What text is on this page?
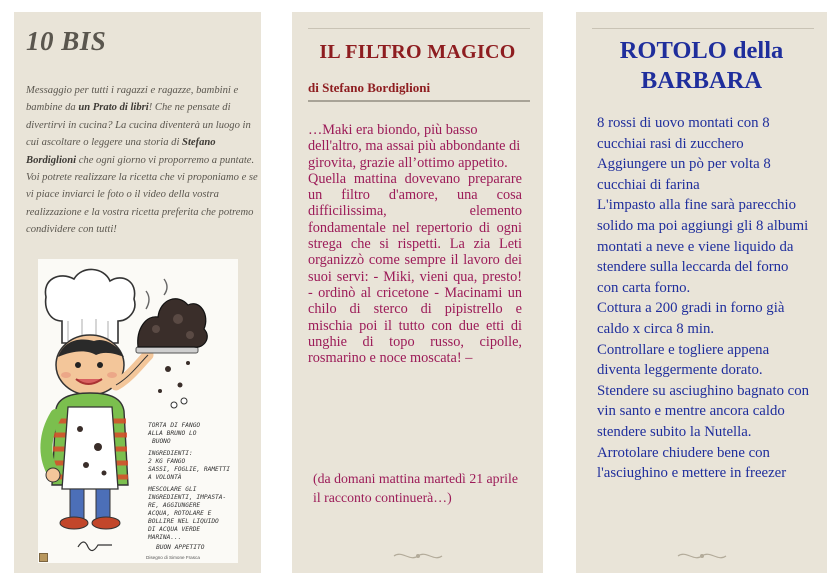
10 BIS
Messaggio per tutti i ragazzi e ragazze, bambini e bambine da un Prato di libri! Che ne pensate di divertirvi in cucina? La cucina diventerà un luogo in cui ascoltare o leggere una storia di Stefano Bordiglioni che ogni giorno vi proporremo a puntate. Voi potrete realizzare la ricetta che vi proponiamo e se vi piace inviarci le foto o il video della vostra realizzazione e la vostra ricetta preferita che potremo condividere con tutti!
TORTA DI FANGO
ALLA BRUNO LO
BUONO
INGREDIENTI:
2 KG FANGO
SASSI, FOGLIE, RAMETTI
A VOLONTÀ
MESCOLARE GLI
INGREDIENTI, IMPASTA-
RE, AGGIUNGERE
ACQUA, ROTOLARE E
BOLLIRE NEL LIQUIDO
DI ACQUA VERDE
MARINA...
BUON APPETITO
Disegno di Simone Frasca
IL FILTRO MAGICO
di Stefano Bordiglioni

…Maki era biondo, più basso dell'altro, ma assai più abbondante di girovita, grazie all’ottimo appetito.

Quella mattina dovevano preparare un filtro d'amore, una cosa difficilissima, elemento fondamentale nel repertorio di ogni strega che si rispetti. La zia Leti organizzò come sempre il lavoro dei suoi servi: - Miki, vieni qua, presto! - ordinò al cricetone - Macinami un chilo di sterco di pipistrello e mischia poi il tutto con due etti di unghie di topo russo, cipolle, rosmarino e noce moscata! –

(da domani mattina martedì 21 aprile il racconto continuerà…)
ROTOLO della
BARBARA
8 rossi di uovo montati con 8 cucchiai rasi di zucchero
Aggiungere un pò per volta 8 cucchiai di farina
L'impasto alla fine sarà parecchio solido ma poi aggiungi gli 8 albumi montati a neve e viene liquido da stendere sulla leccarda del forno con carta forno.
Cottura a 200 gradi in forno già caldo x circa 8 min.
Controllare e togliere appena diventa leggermente dorato.
Stendere su asciughino bagnato con vin santo e mentre ancora caldo stendere subito la Nutella.
Arrotolare chiudere bene con l'asciughino e mettere in freezer
